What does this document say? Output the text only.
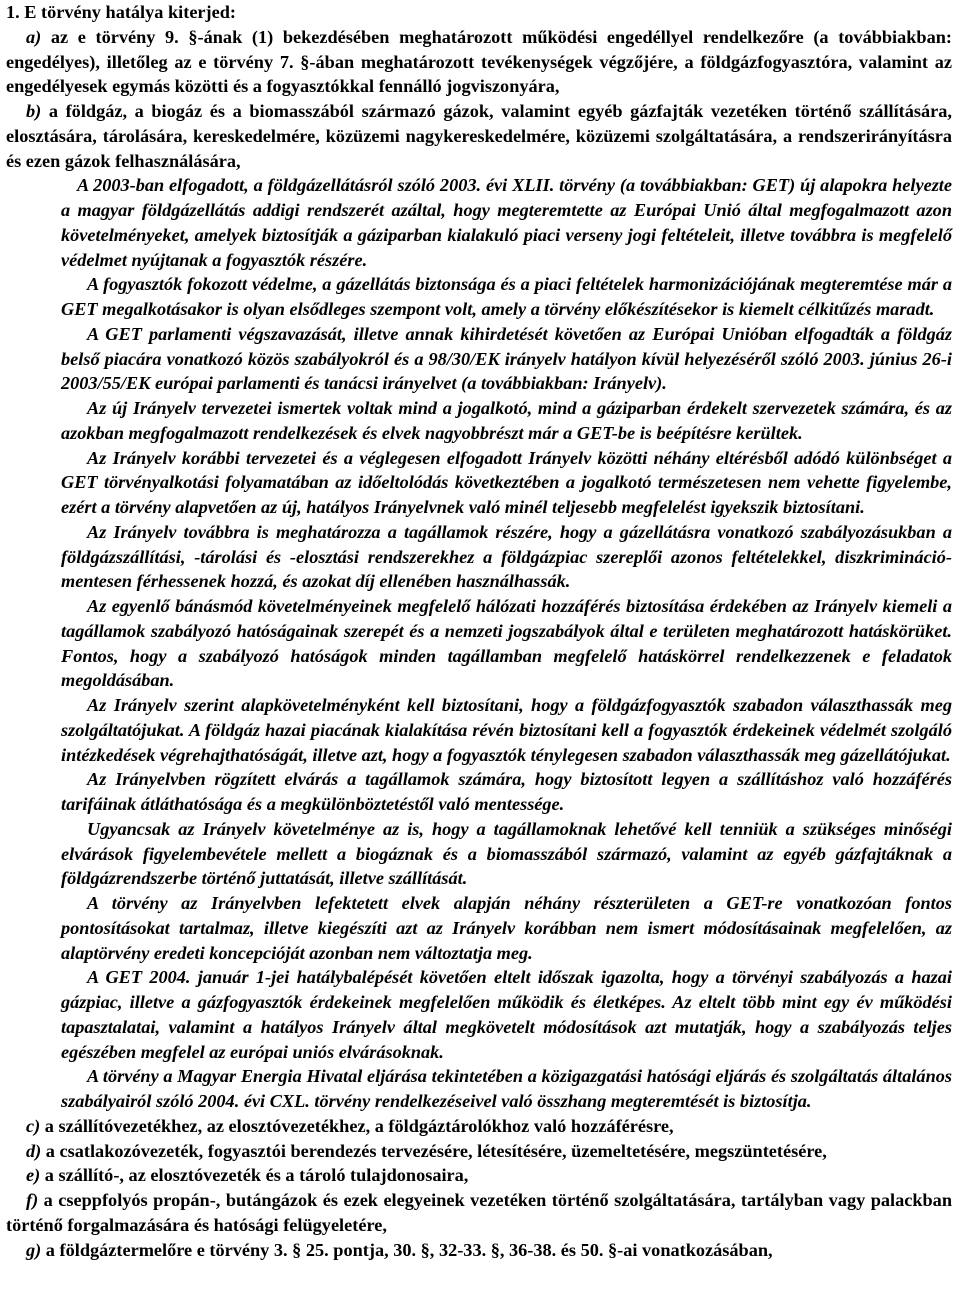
1. E törvény hatálya kiterjed:
a) az e törvény 9. §-ának (1) bekezdésében meghatározott működési engedéllyel rendelkezőre (a továbbiakban: engedélyes), illetőleg az e törvény 7. §-ában meghatározott tevékenységek végzőjére, a földgázfogyasztóra, valamint az engedélyesek egymás közötti és a fogyasztókkal fennálló jogviszonyára,
b) a földgáz, a biogáz és a biomasszából származó gázok, valamint egyéb gázfajták vezetéken történő szállítására, elosztására, tárolására, kereskedelmére, közüzemi nagykereskedelmére, közüzemi szolgáltatására, a rendszerirányításra és ezen gázok felhasználására,
A 2003-ban elfogadott, a földgázellátásról szóló 2003. évi XLII. törvény (a továbbiakban: GET) új alapokra helyezte a magyar földgázellátás addigi rendszerét azáltal, hogy megteremtette az Európai Unió által megfogalmazott azon követelményeket, amelyek biztosítják a gáziparban kialakuló piaci verseny jogi feltételeit, illetve továbbra is megfelelő védelmet nyújtanak a fogyasztók részére.
A fogyasztók fokozott védelme, a gázellátás biztonsága és a piaci feltételek harmonizációjának megteremtése már a GET megalkotásakor is olyan elsődleges szempont volt, amely a törvény előkészítésekor is kiemelt célkitűzés maradt.
A GET parlamenti végszavazását, illetve annak kihirdetését követően az Európai Unióban elfogadták a földgáz belső piacára vonatkozó közös szabályokról és a 98/30/EK irányelv hatályon kívül helyezéséről szóló 2003. június 26-i 2003/55/EK európai parlamenti és tanácsi irányelvet (a továbbiakban: Irányelv).
Az új Irányelv tervezetei ismertek voltak mind a jogalkotó, mind a gáziparban érdekelt szervezetek számára, és az azokban megfogalmazott rendelkezések és elvek nagyobbrészt már a GET-be is beépítésre kerültek.
Az Irányelv korábbi tervezetei és a véglegesen elfogadott Irányelv közötti néhány eltérésből adódó különbséget a GET törvényalkotási folyamatában az időeltolódás következtében a jogalkotó természetesen nem vehette figyelembe, ezért a törvény alapvetően az új, hatályos Irányelvnek való minél teljesebb megfelelést igyekszik biztosítani.
Az Irányelv továbbra is meghatározza a tagállamok részére, hogy a gázellátásra vonatkozó szabályozásukban a földgázszállítási, -tárolási és -elosztási rendszerekhez a földgázpiac szereplői azonos feltételekkel, diszkrimináció-mentesen férhessenek hozzá, és azokat díj ellenében használhassák.
Az egyenlő bánásmód követelményeinek megfelelő hálózati hozzáférés biztosítása érdekében az Irányelv kiemeli a tagállamok szabályozó hatóságainak szerepét és a nemzeti jogszabályok által e területen meghatározott hatáskörüket. Fontos, hogy a szabályozó hatóságok minden tagállamban megfelelő hatáskörrel rendelkezzenek e feladatok megoldásában.
Az Irányelv szerint alapkövetelményként kell biztosítani, hogy a földgázfogyasztók szabadon választhassák meg szolgáltatójukat. A földgáz hazai piacának kialakítása révén biztosítani kell a fogyasztók érdekeinek védelmét szolgáló intézkedések végrehajthatóságát, illetve azt, hogy a fogyasztók ténylegesen szabadon választhassák meg gázellátójukat.
Az Irányelvben rögzített elvárás a tagállamok számára, hogy biztosított legyen a szállításhoz való hozzáférés tarifáinak átláthatósága és a megkülönböztetéstől való mentessége.
Ugyancsak az Irányelv követelménye az is, hogy a tagállamoknak lehetővé kell tenniük a szükséges minőségi elvárások figyelembevétele mellett a biogáznak és a biomasszából származó, valamint az egyéb gázfajtáknak a földgázrendszerbe történő juttatását, illetve szállítását.
A törvény az Irányelvben lefektetett elvek alapján néhány részterületen a GET-re vonatkozóan fontos pontosításokat tartalmaz, illetve kiegészíti azt az Irányelv korábban nem ismert módosításainak megfelelően, az alaptörvény eredeti koncepcióját azonban nem változtatja meg.
A GET 2004. január 1-jei hatálybalépését követően eltelt időszak igazolta, hogy a törvényi szabályozás a hazai gázpiac, illetve a gázfogyasztók érdekeinek megfelelően működik és életképes. Az eltelt több mint egy év működési tapasztalatai, valamint a hatályos Irányelv által megkövetelt módosítások azt mutatják, hogy a szabályozás teljes egészében megfelel az európai uniós elvárásoknak.
A törvény a Magyar Energia Hivatal eljárása tekintetében a közigazgatási hatósági eljárás és szolgáltatás általános szabályairól szóló 2004. évi CXL. törvény rendelkezéseivel való összhang megteremtését is biztosítja.
c) a szállítóvezetékhez, az elosztóvezetékhez, a földgáztárolókhoz való hozzáférésre,
d) a csatlakozóvezeték, fogyasztói berendezés tervezésére, létesítésére, üzemeltetésére, megszüntetésére,
e) a szállító-, az elosztóvezeték és a tároló tulajdonosaira,
f) a cseppfolyós propán-, butángázok és ezek elegyeinek vezetéken történő szolgáltatására, tartályban vagy palackban történő forgalmazására és hatósági felügyeletére,
g) a földgáztermelőre e törvény 3. § 25. pontja, 30. §, 32-33. §, 36-38. és 50. §-ai vonatkozásában,
